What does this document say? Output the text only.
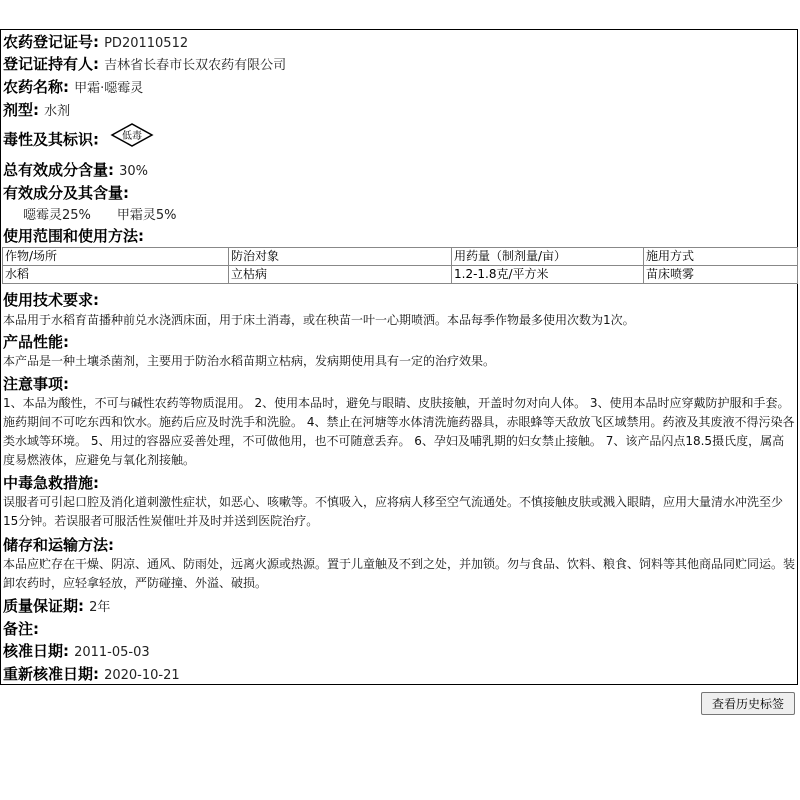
农药登记证号: PD20110512
登记证持有人: 吉林省长春市长双农药有限公司
农药名称: 甲霜·噁霉灵
剂型: 水剂
毒性及其标识: 低毒
总有效成分含量: 30%
有效成分及其含量:
噁霉灵25% 甲霜灵5%
使用范围和使用方法:
作物/场所	防治对象	用药量（制剂量/亩）	施用方式
水稻	立枯病	1.2-1.8克/平方米	苗床喷雾
使用技术要求:
本品用于水稻育苗播种前兑水浇洒床面，用于床土消毒，或在秧苗一叶一心期喷洒。本品每季作物最多使用次数为1次。
产品性能:
本产品是一种土壤杀菌剂，主要用于防治水稻苗期立枯病，发病期使用具有一定的治疗效果。
注意事项:
1、本品为酸性，不可与碱性农药等物质混用。 2、使用本品时，避免与眼睛、皮肤接触，开盖时勿对向人体。 3、使用本品时应穿戴防护服和手套。施药期间不可吃东西和饮水。施药后应及时洗手和洗脸。 4、禁止在河塘等水体清洗施药器具，赤眼蜂等天敌放飞区域禁用。药液及其废液不得污染各类水域等环境。 5、用过的容器应妥善处理，不可做他用，也不可随意丢弃。 6、孕妇及哺乳期的妇女禁止接触。 7、该产品闪点18.5摄氏度，属高度易燃液体，应避免与氧化剂接触。
中毒急救措施:
误服者可引起口腔及消化道刺激性症状，如恶心、咳嗽等。不慎吸入，应将病人移至空气流通处。不慎接触皮肤或溅入眼睛，应用大量清水冲洗至少15分钟。若误服者可服活性炭催吐并及时并送到医院治疗。
储存和运输方法:
本品应贮存在干燥、阴凉、通风、防雨处，远离火源或热源。置于儿童触及不到之处，并加锁。勿与食品、饮料、粮食、饲料等其他商品同贮同运。装卸农药时，应轻拿轻放，严防碰撞、外溢、破损。
质量保证期: 2年
备注:
核准日期: 2011-05-03
重新核准日期: 2020-10-21
查看历史标签
